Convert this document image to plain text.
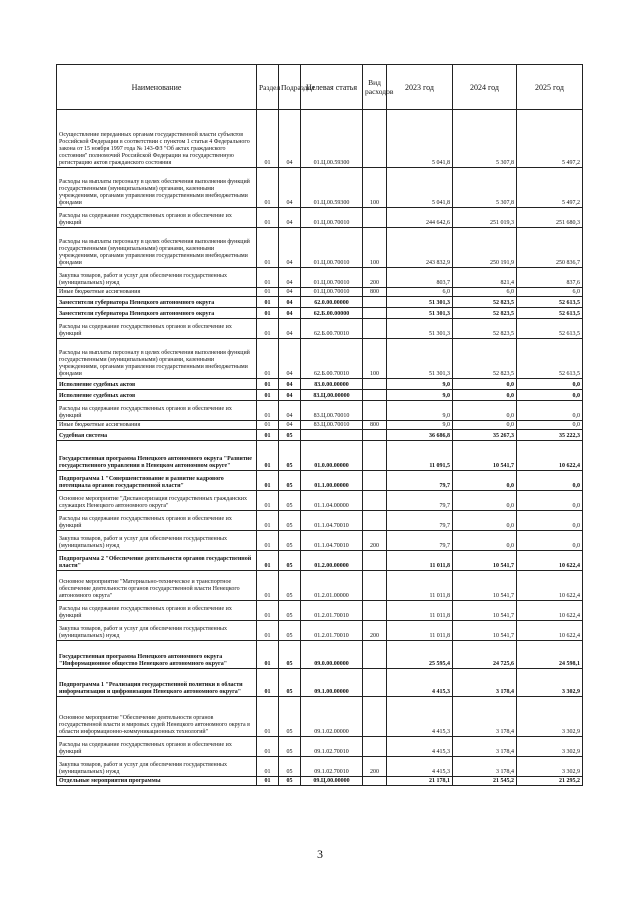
Наименование	Раздел	Подраздел	Целевая статья	Вид расходов	2023 год	2024 год	2025 год
Осуществление переданных органам государственной власти субъектов Российской Федерации в соответствии с пунктом 1 статьи 4 Федерального закона от 15 ноября 1997 года № 143-ФЗ "Об актах гражданского состояния" полномочий Российской Федерации на государственную регистрацию актов гражданского состояния	01	04	01.Ц.00.59300		5 041,8	5 307,8	5 497,2
Расходы на выплаты персоналу в целях обеспечения выполнения функций государственными (муниципальными) органами, казенными учреждениями, органами управления государственными внебюджетными фондами	01	04	01.Ц.00.59300	100	5 041,8	5 307,8	5 497,2
Расходы на содержание государственных органов и обеспечение их функций	01	04	01.Ц.00.70010		244 642,6	251 019,3	251 680,3
Расходы на выплаты персоналу в целях обеспечения выполнения функций государственными (муниципальными) органами, казенными учреждениями, органами управления государственными внебюджетными фондами	01	04	01.Ц.00.70010	100	243 832,9	250 191,9	250 836,7
Закупка товаров, работ и услуг для обеспечения государственных (муниципальных) нужд	01	04	01.Ц.00.70010	200	803,7	821,4	837,6
Иные бюджетные ассигнования	01	04	01.Ц.00.70010	800	6,0	6,0	6,0
Заместители губернатора Ненецкого автономного округа	01	04	62.0.00.00000		51 301,3	52 823,5	52 613,5
Заместители губернатора Ненецкого автономного округа	01	04	62.Б.00.00000		51 301,3	52 823,5	52 613,5
Расходы на содержание государственных органов и обеспечение их функций	01	04	62.Б.00.70010		51 301,3	52 823,5	52 613,5
Расходы на выплаты персоналу в целях обеспечения выполнения функций государственными (муниципальными) органами, казенными учреждениями, органами управления государственными внебюджетными фондами	01	04	62.Б.00.70010	100	51 301,3	52 823,5	52 613,5
Исполнение судебных актов	01	04	83.0.00.00000		9,0	0,0	0,0
Исполнение судебных актов	01	04	83.Ц.00.00000		9,0	0,0	0,0
Расходы на содержание государственных органов и обеспечение их функций	01	04	83.Ц.00.70010		9,0	0,0	0,0
Иные бюджетные ассигнования	01	04	83.Ц.00.70010	800	9,0	0,0	0,0
Судебная система	01	05			36 686,8	35 267,3	35 222,3
Государственная программа Ненецкого автономного округа "Развитие государственного управления в Ненецком автономном округе"	01	05	01.0.00.00000		11 091,5	10 541,7	10 622,4
Подпрограмма 1 "Совершенствование и развитие кадрового потенциала органов государственной власти"	01	05	01.1.00.00000		79,7	0,0	0,0
Основное мероприятие "Диспансеризация государственных гражданских служащих Ненецкого автономного округа"	01	05	01.1.04.00000		79,7	0,0	0,0
Расходы на содержание государственных органов и обеспечение их функций	01	05	01.1.04.70010		79,7	0,0	0,0
Закупка товаров, работ и услуг для обеспечения государственных (муниципальных) нужд	01	05	01.1.04.70010	200	79,7	0,0	0,0
Подпрограмма 2 "Обеспечение деятельности органов государственной власти"	01	05	01.2.00.00000		11 011,8	10 541,7	10 622,4
Основное мероприятие "Материально-техническое и транспортное обеспечение деятельности органов государственной власти Ненецкого автономного округа"	01	05	01.2.01.00000		11 011,8	10 541,7	10 622,4
Расходы на содержание государственных органов и обеспечение их функций	01	05	01.2.01.70010		11 011,8	10 541,7	10 622,4
Закупка товаров, работ и услуг для обеспечения государственных (муниципальных) нужд	01	05	01.2.01.70010	200	11 011,8	10 541,7	10 622,4
Государственная программа Ненецкого автономного округа "Информационное общество Ненецкого автономного округа"	01	05	09.0.00.00000		25 595,4	24 725,6	24 598,1
Подпрограмма 1 "Реализация государственной политики в области информатизации и цифровизации Ненецкого автономного округа"	01	05	09.1.00.00000		4 415,3	3 178,4	3 302,9
Основное мероприятие "Обеспечение деятельности органов государственной власти и мировых судей Ненецкого автономного округа в области информационно-коммуникационных технологий"	01	05	09.1.02.00000		4 415,3	3 178,4	3 302,9
Расходы на содержание государственных органов и обеспечение их функций	01	05	09.1.02.70010		4 415,3	3 178,4	3 302,9
Закупка товаров, работ и услуг для обеспечения государственных (муниципальных) нужд	01	05	09.1.02.70010	200	4 415,3	3 178,4	3 302,9
Отдельные мероприятия программы	01	05	09.Ц.00.00000		21 178,1	21 545,2	21 295,2
3
